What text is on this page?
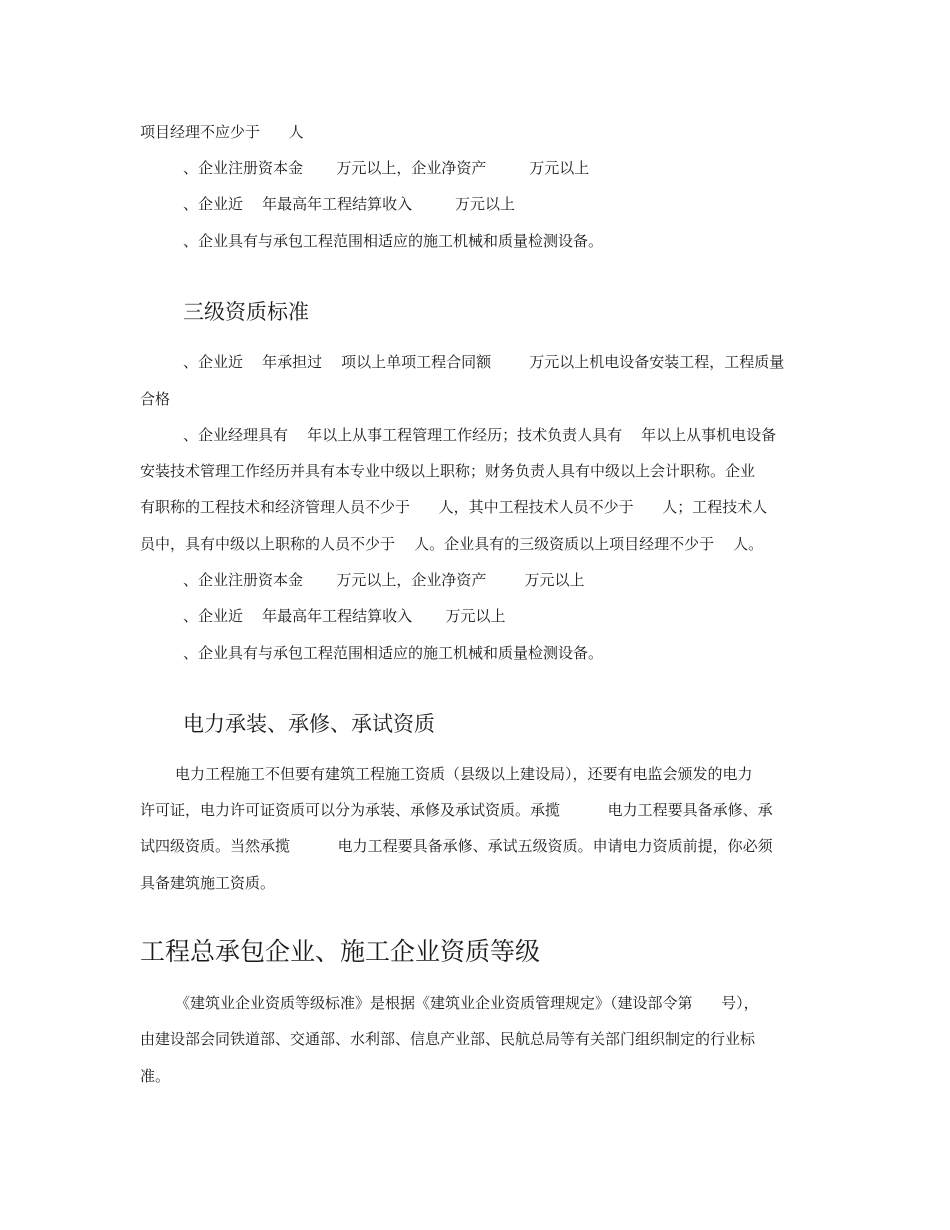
项目经理不应少于      人
、企业注册资本金       万元以上，企业净资产         万元以上
、企业近    年最高年工程结算收入         万元以上
、企业具有与承包工程范围相适应的施工机械和质量检测设备。
三级资质标准
、企业近    年承担过    项以上单项工程合同额        万元以上机电设备安装工程，工程质量
合格
、企业经理具有    年以上从事工程管理工作经历；技术负责人具有    年以上从事机电设备
安装技术管理工作经历并具有本专业中级以上职称；财务负责人具有中级以上会计职称。企业
有职称的工程技术和经济管理人员不少于      人，其中工程技术人员不少于      人；工程技术人
员中，具有中级以上职称的人员不少于    人。企业具有的三级资质以上项目经理不少于    人。
、企业注册资本金       万元以上，企业净资产        万元以上
、企业近    年最高年工程结算收入       万元以上
、企业具有与承包工程范围相适应的施工机械和质量检测设备。
电力承装、承修、承试资质
电力工程施工不但要有建筑工程施工资质（县级以上建设局），还要有电监会颁发的电力
许可证，电力许可证资质可以分为承装、承修及承试资质。承揽          电力工程要具备承修、承
试四级资质。当然承揽          电力工程要具备承修、承试五级资质。申请电力资质前提，你必须
具备建筑施工资质。
工程总承包企业、施工企业资质等级
《建筑业企业资质等级标准》是根据《建筑业企业资质管理规定》（建设部令第      号），
由建设部会同铁道部、交通部、水利部、信息产业部、民航总局等有关部门组织制定的行业标
准。
